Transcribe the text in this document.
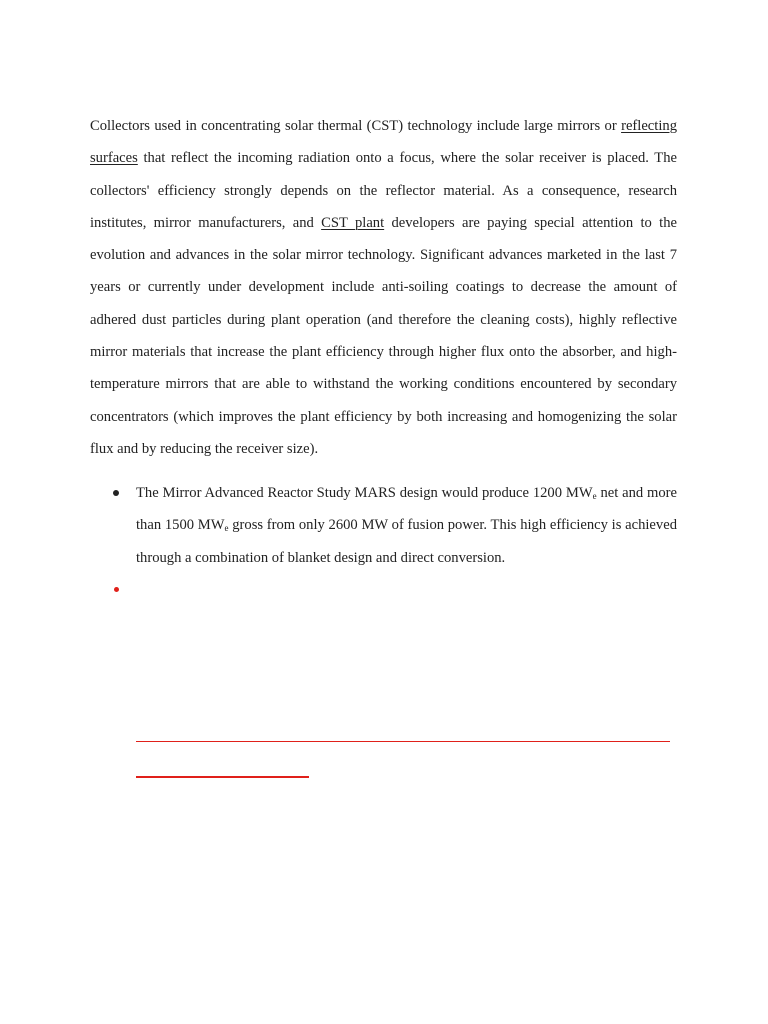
Collectors used in concentrating solar thermal (CST) technology include large mirrors or reflecting surfaces that reflect the incoming radiation onto a focus, where the solar receiver is placed. The collectors' efficiency strongly depends on the reflector material. As a consequence, research institutes, mirror manufacturers, and CST plant developers are paying special attention to the evolution and advances in the solar mirror technology. Significant advances marketed in the last 7 years or currently under development include anti-soiling coatings to decrease the amount of adhered dust particles during plant operation (and therefore the cleaning costs), highly reflective mirror materials that increase the plant efficiency through higher flux onto the absorber, and high-temperature mirrors that are able to withstand the working conditions encountered by secondary concentrators (which improves the plant efficiency by both increasing and homogenizing the solar flux and by reducing the receiver size).

The Mirror Advanced Reactor Study MARS design would produce 1200 $MW_e$ net and more than 1500 $MW_e$ gross from only 2600 MW of fusion power. This high efficiency is achieved through a combination of blanket design and direct conversion.
